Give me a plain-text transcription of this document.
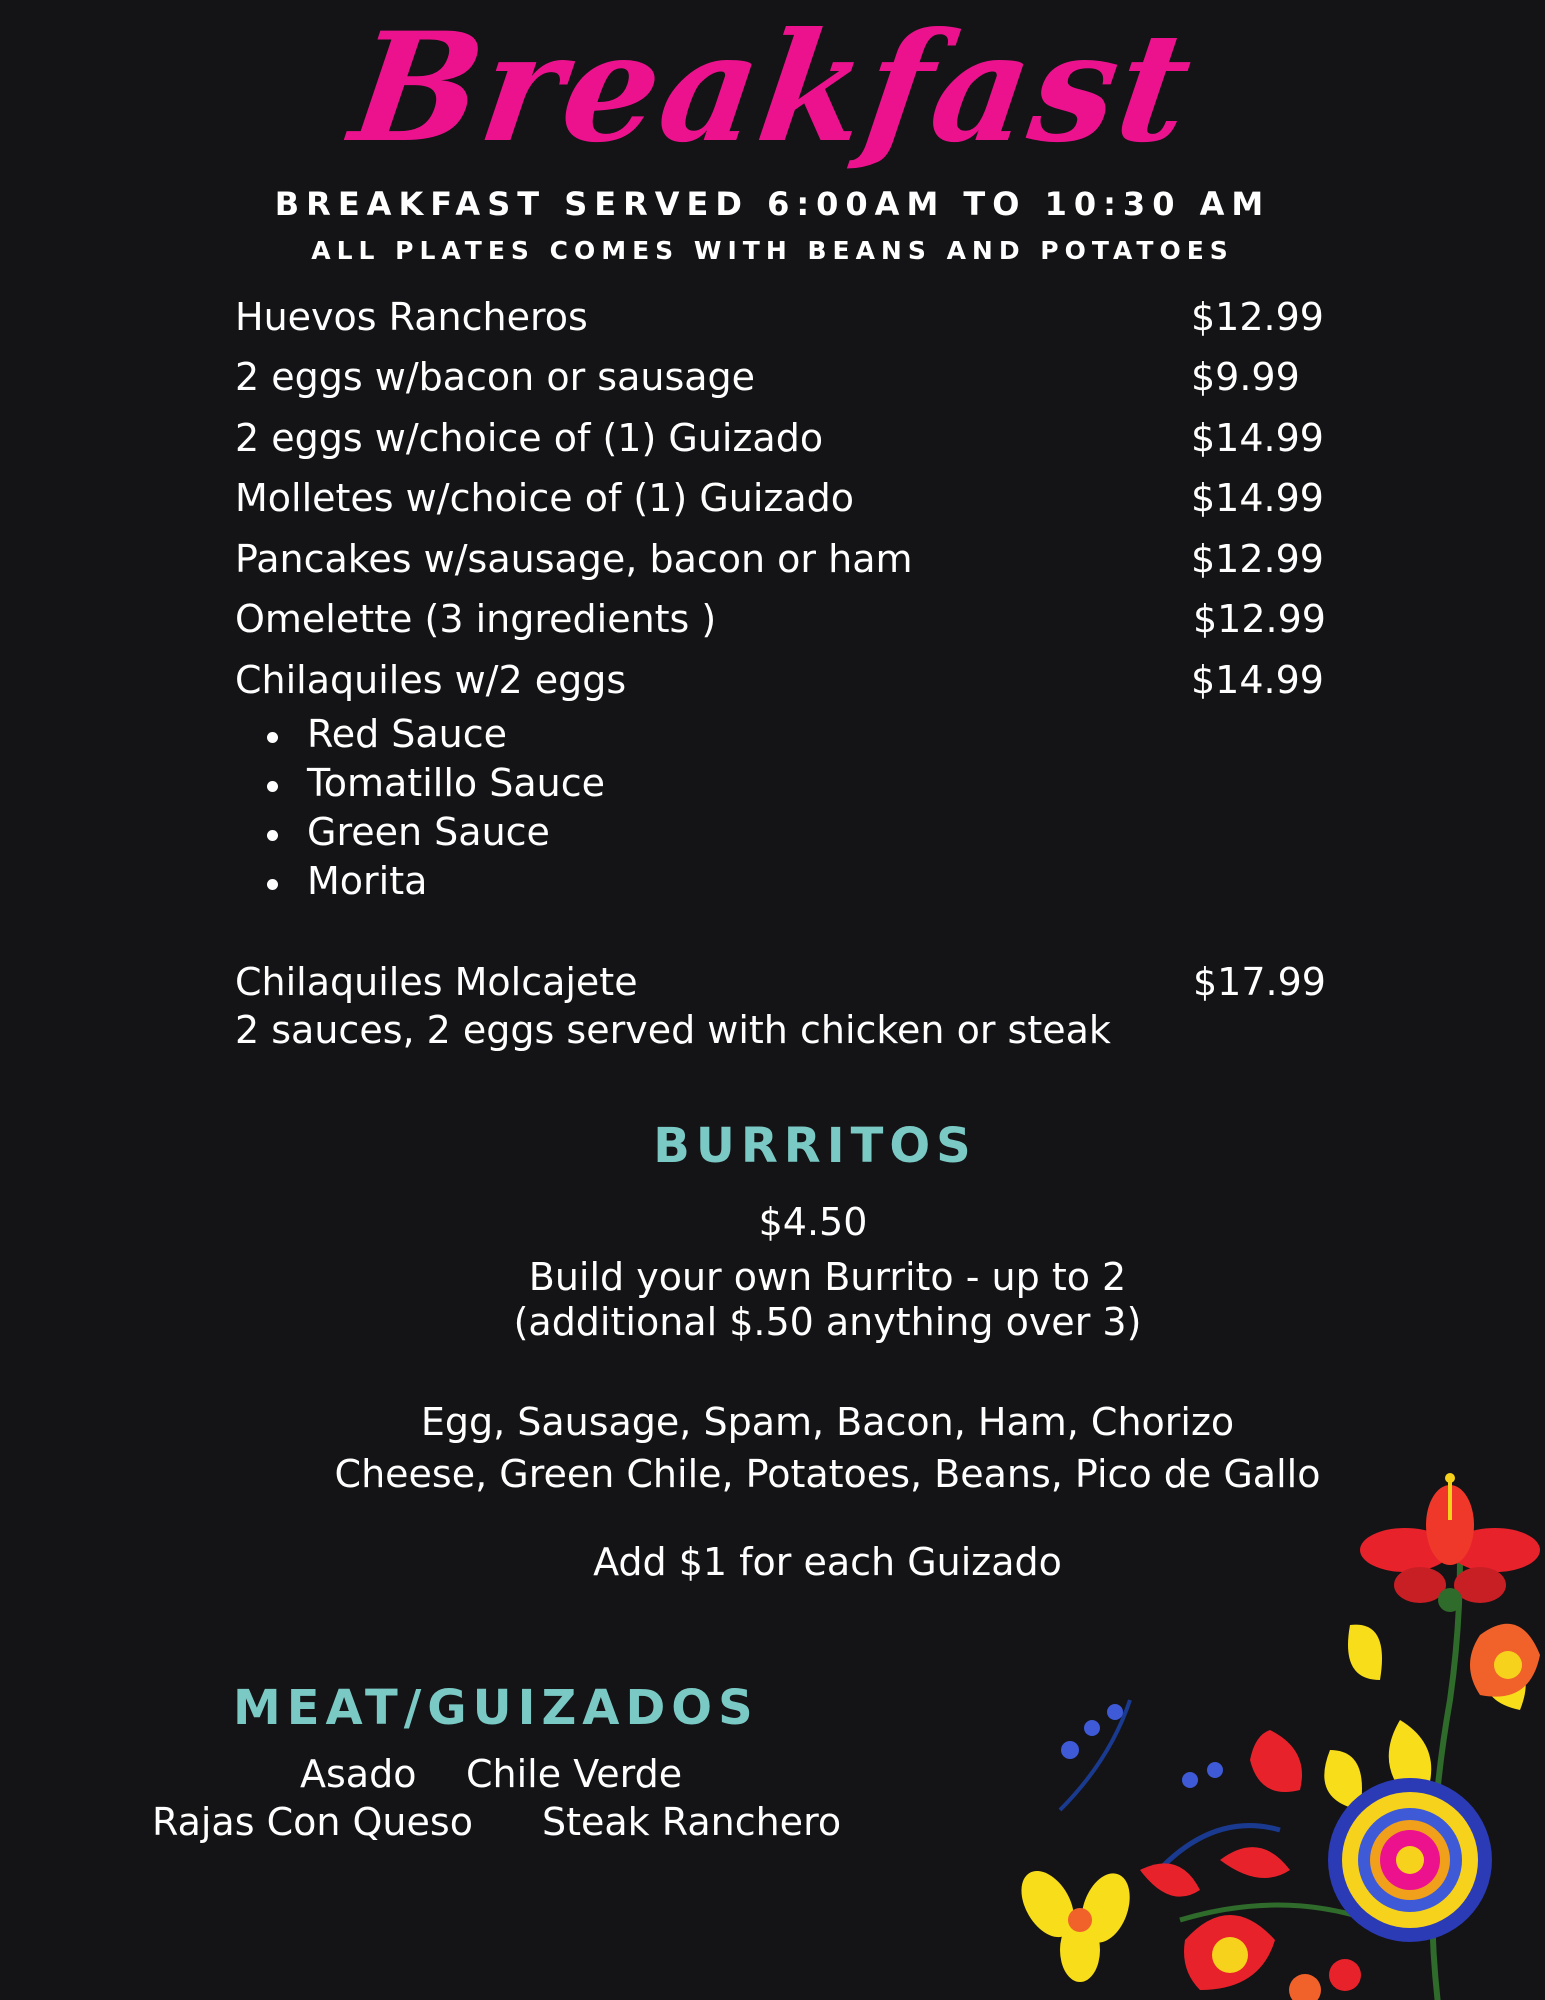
Breakfast
BREAKFAST SERVED 6:00AM TO 10:30 AM
ALL PLATES COMES WITH BEANS AND POTATOES
Huevos Rancheros	$12.99
2 eggs w/bacon or sausage	$9.99
2 eggs w/choice of (1) Guizado	$14.99
Molletes w/choice of (1) Guizado	$14.99
Pancakes w/sausage, bacon or ham	$12.99
Omelette (3 ingredients )	$12.99
Chilaquiles w/2 eggs	$14.99
Red Sauce
Tomatillo Sauce
Green Sauce
Morita
Chilaquiles Molcajete	$17.99
2 sauces, 2 eggs served with chicken or steak
BURRITOS
$4.50
Build your own Burrito - up to 2
(additional $.50 anything over 3)
Egg, Sausage, Spam, Bacon, Ham, Chorizo
Cheese, Green Chile, Potatoes, Beans, Pico de Gallo
Add $1 for each Guizado
MEAT/GUIZADOS
Asado Chile Verde
Rajas Con Queso Steak Ranchero
